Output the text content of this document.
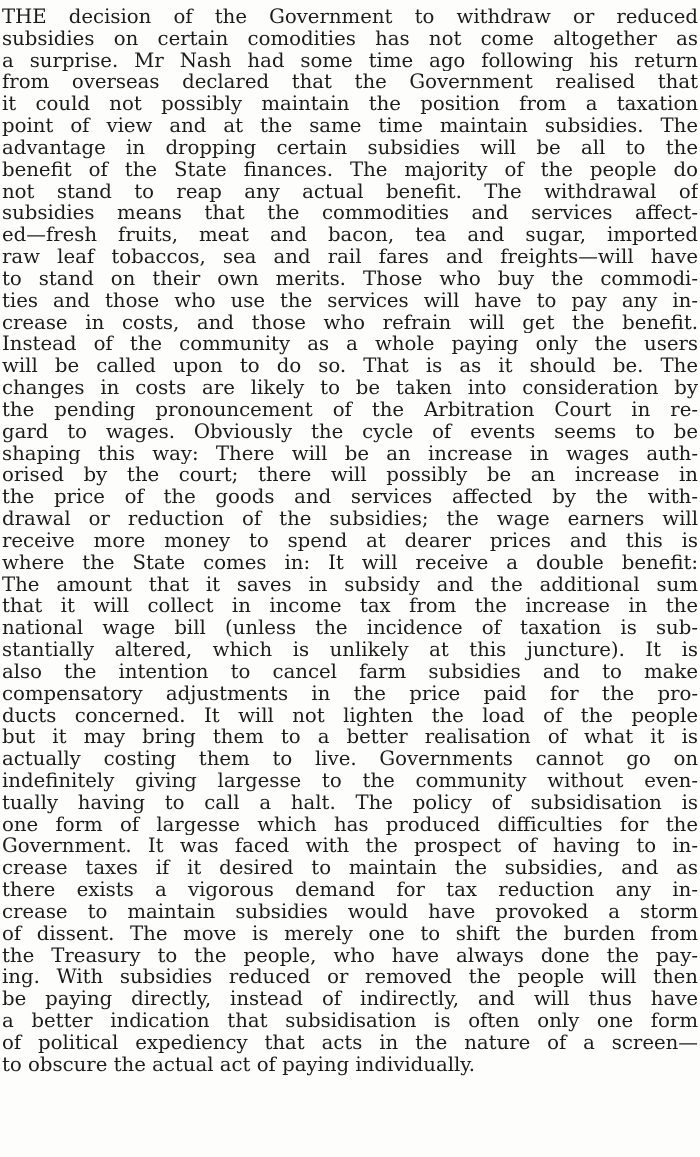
THE decision of the Government to withdraw or reduced
subsidies on certain comodities has not come altogether as
a surprise. Mr Nash had some time ago following his return
from overseas declared that the Government realised that
it could not possibly maintain the position from a taxation
point of view and at the same time maintain subsidies. The
advantage in dropping certain subsidies will be all to the
benefit of the State finances. The majority of the people do
not stand to reap any actual benefit. The withdrawal of
subsidies means that the commodities and services affect-
ed—fresh fruits, meat and bacon, tea and sugar, imported
raw leaf tobaccos, sea and rail fares and freights—will have
to stand on their own merits. Those who buy the commodi-
ties and those who use the services will have to pay any in-
crease in costs, and those who refrain will get the benefit.
Instead of the community as a whole paying only the users
will be called upon to do so. That is as it should be. The
changes in costs are likely to be taken into consideration by
the pending pronouncement of the Arbitration Court in re-
gard to wages. Obviously the cycle of events seems to be
shaping this way: There will be an increase in wages auth-
orised by the court; there will possibly be an increase in
the price of the goods and services affected by the with-
drawal or reduction of the subsidies; the wage earners will
receive more money to spend at dearer prices and this is
where the State comes in: It will receive a double benefit:
The amount that it saves in subsidy and the additional sum
that it will collect in income tax from the increase in the
national wage bill (unless the incidence of taxation is sub-
stantially altered, which is unlikely at this juncture). It is
also the intention to cancel farm subsidies and to make
compensatory adjustments in the price paid for the pro-
ducts concerned. It will not lighten the load of the people
but it may bring them to a better realisation of what it is
actually costing them to live. Governments cannot go on
indefinitely giving largesse to the community without even-
tually having to call a halt. The policy of subsidisation is
one form of largesse which has produced difficulties for the
Government. It was faced with the prospect of having to in-
crease taxes if it desired to maintain the subsidies, and as
there exists a vigorous demand for tax reduction any in-
crease to maintain subsidies would have provoked a storm
of dissent. The move is merely one to shift the burden from
the Treasury to the people, who have always done the pay-
ing. With subsidies reduced or removed the people will then
be paying directly, instead of indirectly, and will thus have
a better indication that subsidisation is often only one form
of political expediency that acts in the nature of a screen—
to obscure the actual act of paying individually.
